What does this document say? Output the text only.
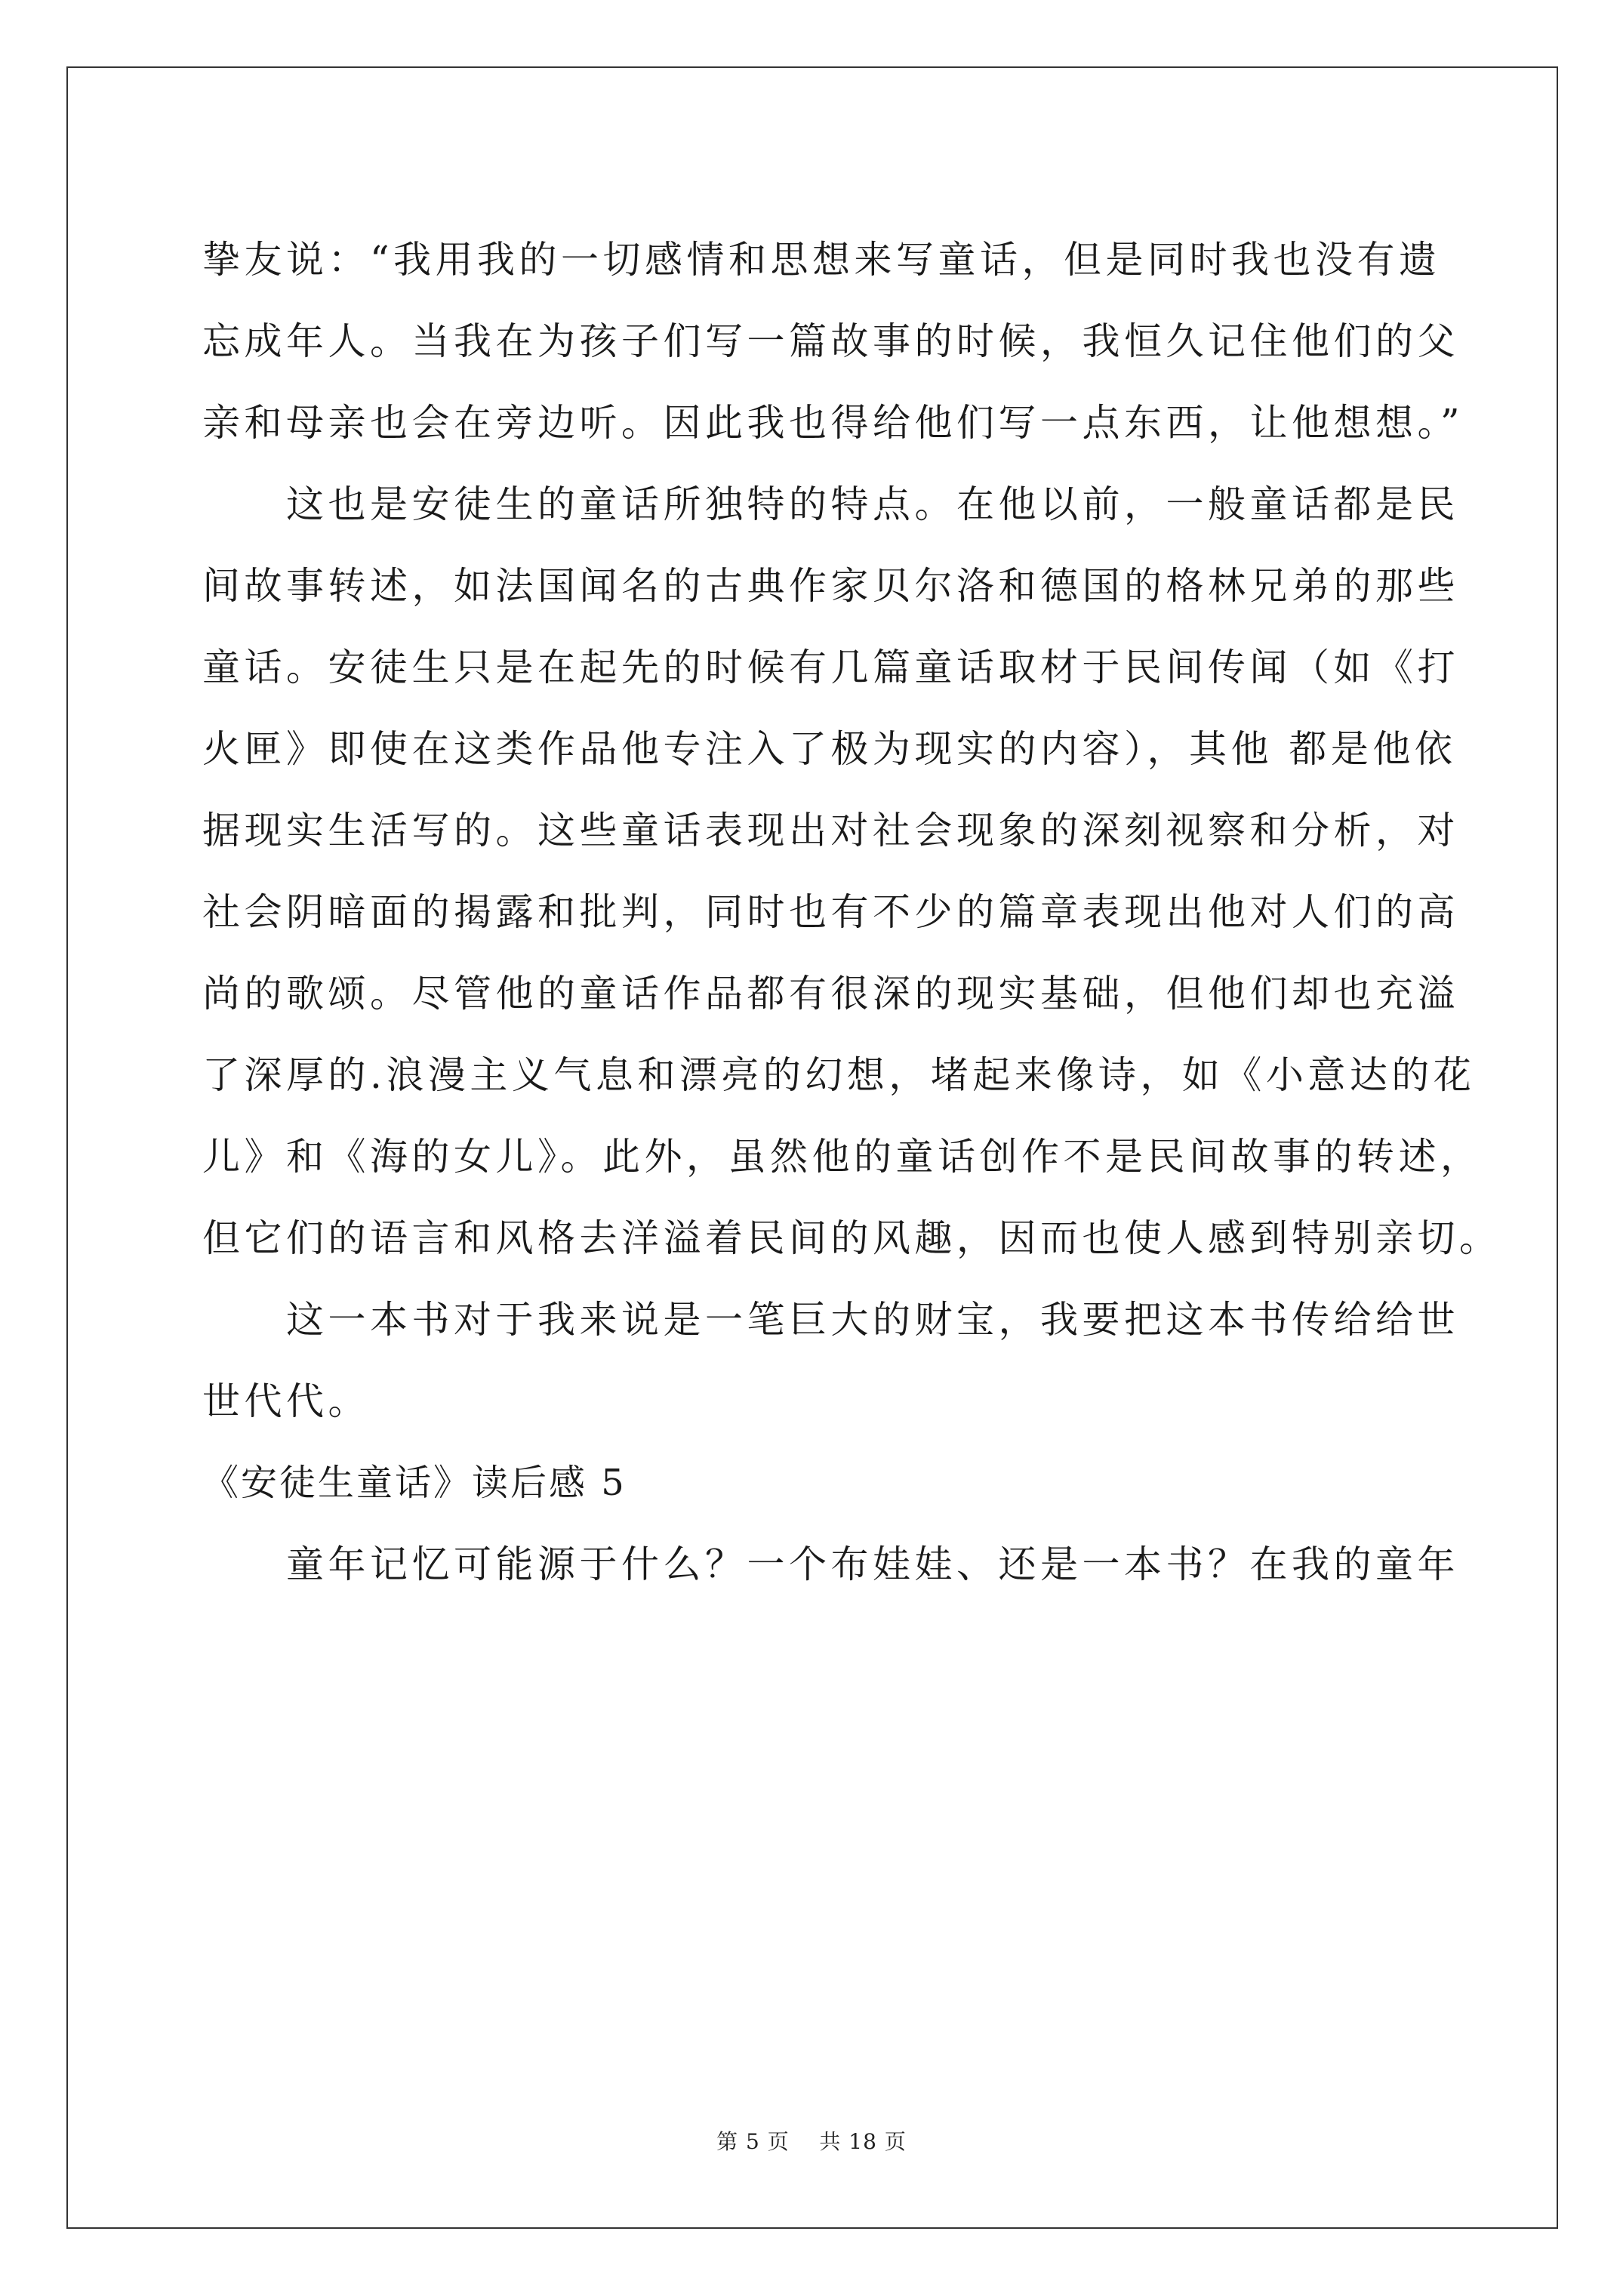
挚友说：“我用我的一切感情和思想来写童话，但是同时我也没有遗
忘成年人。当我在为孩子们写一篇故事的时候，我恒久记住他们的父
亲和母亲也会在旁边听。因此我也得给他们写一点东西，让他想想。”
　　这也是安徒生的童话所独特的特点。在他以前，一般童话都是民
间故事转述，如法国闻名的古典作家贝尔洛和德国的格林兄弟的那些
童话。安徒生只是在起先的时候有几篇童话取材于民间传闻（如《打
火匣》即使在这类作品他专注入了极为现实的内容），其他 都是他依
据现实生活写的。这些童话表现出对社会现象的深刻视察和分析，对
社会阴暗面的揭露和批判，同时也有不少的篇章表现出他对人们的高
尚的歌颂。尽管他的童话作品都有很深的现实基础，但他们却也充溢
了深厚的.浪漫主义气息和漂亮的幻想，堵起来像诗，如《小意达的花
儿》和《海的女儿》。此外，虽然他的童话创作不是民间故事的转述，
但它们的语言和风格去洋溢着民间的风趣，因而也使人感到特别亲切。
　　这一本书对于我来说是一笔巨大的财宝，我要把这本书传给给世
世代代。
《安徒生童话》读后感 5
　　童年记忆可能源于什么？一个布娃娃、还是一本书？在我的童年
第 5 页 共 18 页
